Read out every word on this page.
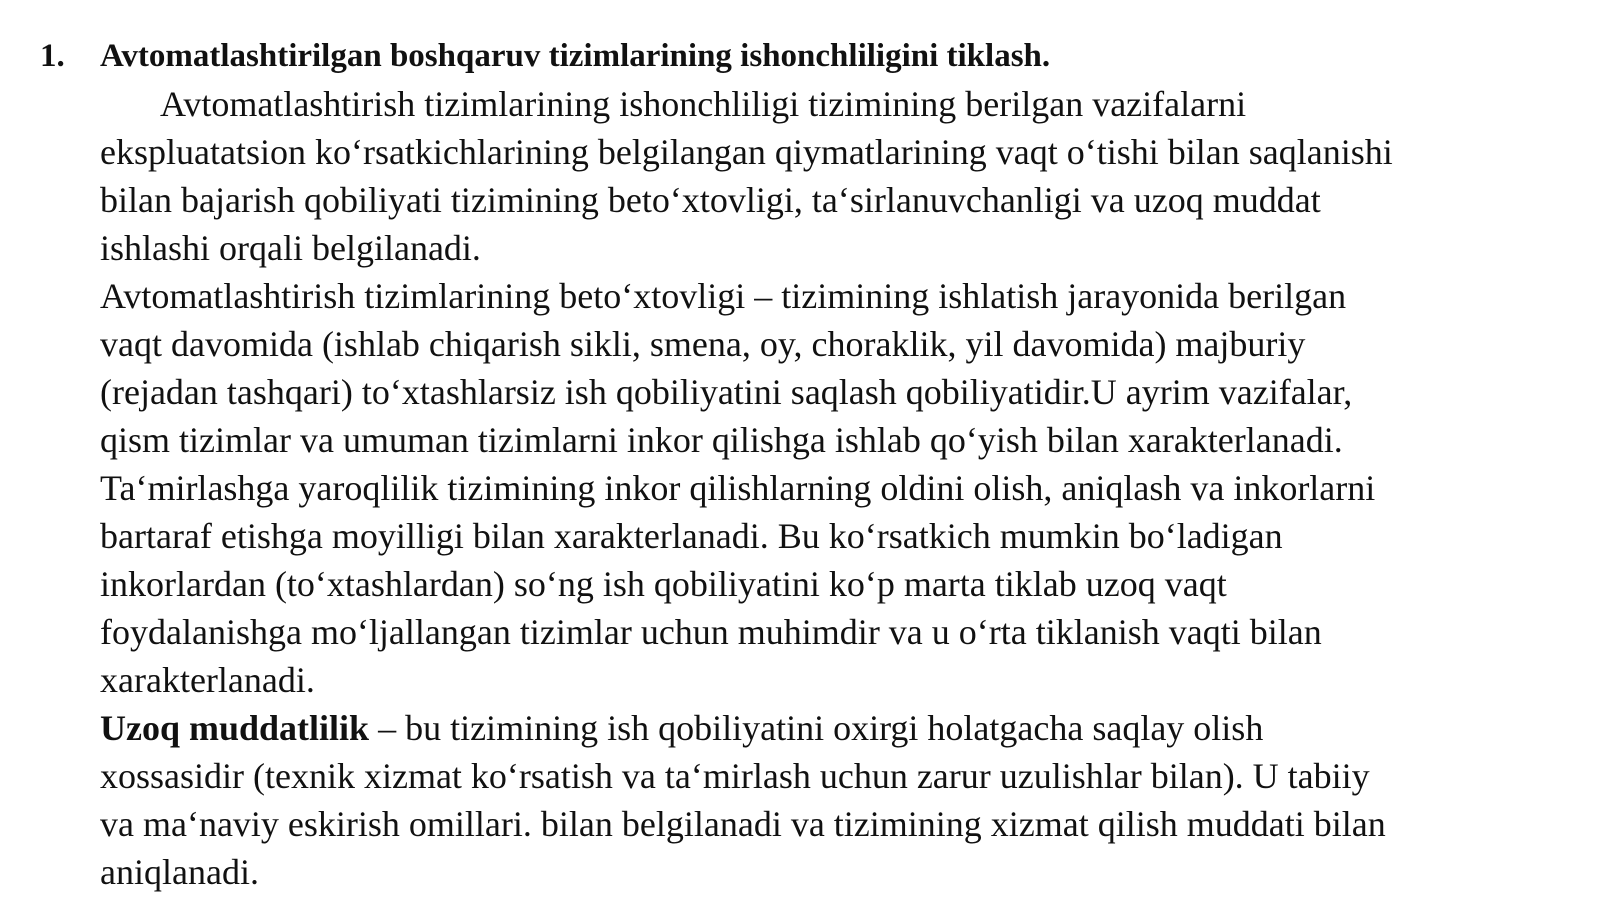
1. Avtomatlashtirilgan boshqaruv tizimlarining ishonchliligini tiklash.
Avtomatlashtirish tizimlarining ishonchliligi tizimining berilgan vazifalarni
ekspluatatsion ko‘rsatkichlarining belgilangan qiymatlarining vaqt o‘tishi bilan saqlanishi
bilan bajarish qobiliyati tizimining beto‘xtovligi, ta‘sirlanuvchanligi va uzoq muddat
ishlashi orqali belgilanadi.
Avtomatlashtirish tizimlarining beto‘xtovligi – tizimining ishlatish jarayonida berilgan
vaqt davomida (ishlab chiqarish sikli, smena, oy, choraklik, yil davomida) majburiy
(rejadan tashqari) to‘xtashlarsiz ish qobiliyatini saqlash qobiliyatidir.U ayrim vazifalar,
qism tizimlar va umuman tizimlarni inkor qilishga ishlab qo‘yish bilan xarakterlanadi.
Ta‘mirlashga yaroqlilik tizimining inkor qilishlarning oldini olish, aniqlash va inkorlarni
bartaraf etishga moyilligi bilan xarakterlanadi. Bu ko‘rsatkich mumkin bo‘ladigan
inkorlardan (to‘xtashlardan) so‘ng ish qobiliyatini ko‘p marta tiklab uzoq vaqt
foydalanishga mo‘ljallangan tizimlar uchun muhimdir va u o‘rta tiklanish vaqti bilan
xarakterlanadi.
Uzoq muddatlilik – bu tizimining ish qobiliyatini oxirgi holatgacha saqlay olish
xossasidir (texnik xizmat ko‘rsatish va ta‘mirlash uchun zarur uzulishlar bilan). U tabiiy
va ma‘naviy eskirish omillari. bilan belgilanadi va tizimining xizmat qilish muddati bilan
aniqlanadi.
